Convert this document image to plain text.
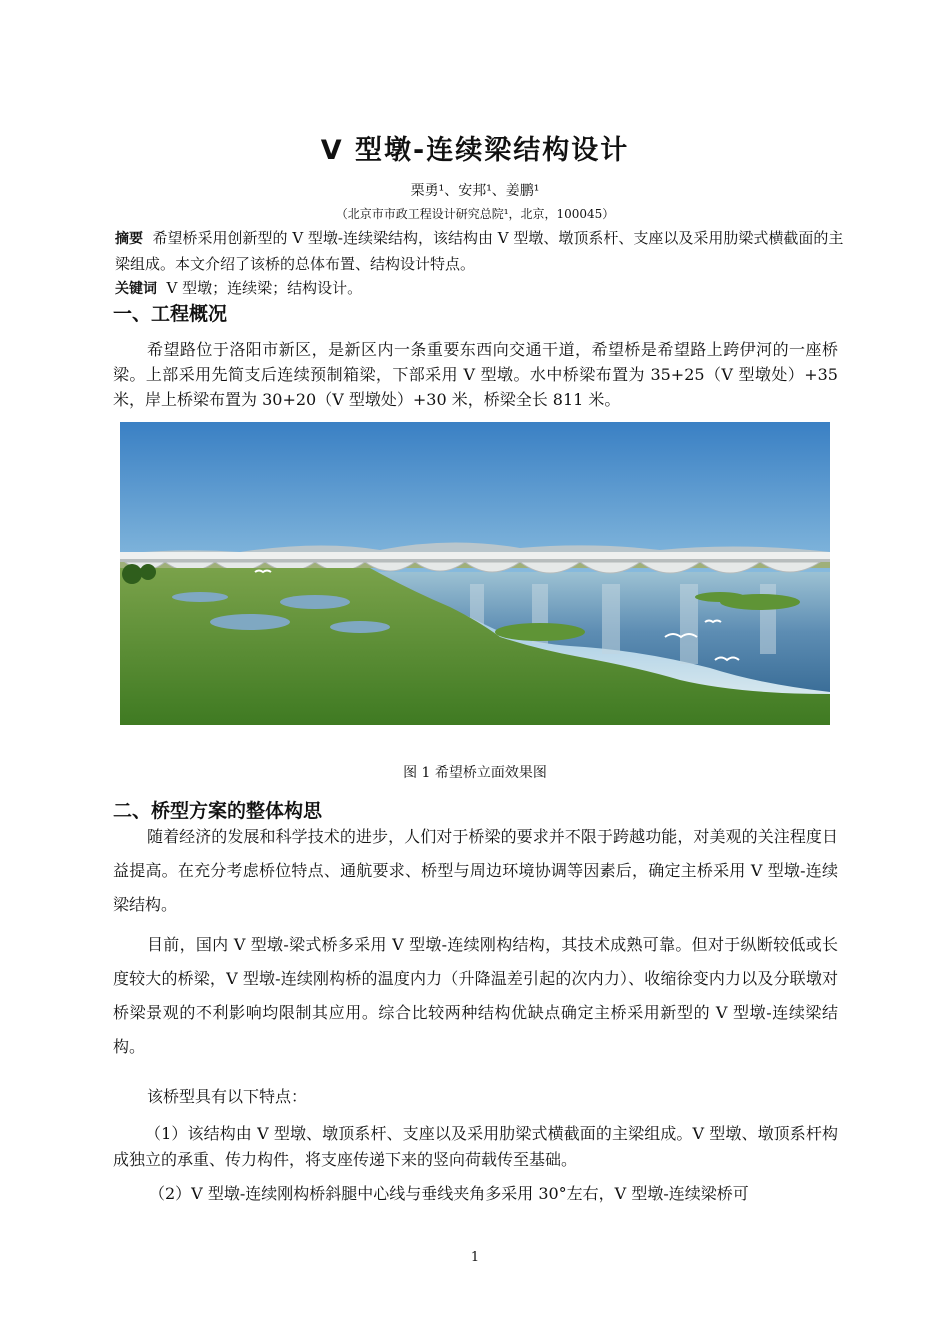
V 型墩-连续梁结构设计
栗勇¹、安邦¹、姜鹏¹
（北京市市政工程设计研究总院¹，北京，100045）
摘要 希望桥采用创新型的 V 型墩-连续梁结构，该结构由 V 型墩、墩顶系杆、支座以及采用肋梁式横截面的主梁组成。本文介绍了该桥的总体布置、结构设计特点。
关键词 V 型墩；连续梁；结构设计。
一、工程概况

希望路位于洛阳市新区，是新区内一条重要东西向交通干道，希望桥是希望路上跨伊河的一座桥梁。上部采用先简支后连续预制箱梁，下部采用 V 型墩。水中桥梁布置为 35+25（V 型墩处）+35 米，岸上桥梁布置为 30+20（V 型墩处）+30 米，桥梁全长 811 米。

图 1 希望桥立面效果图
二、桥型方案的整体构思

随着经济的发展和科学技术的进步，人们对于桥梁的要求并不限于跨越功能，对美观的关注程度日益提高。在充分考虑桥位特点、通航要求、桥型与周边环境协调等因素后，确定主桥采用 V 型墩-连续梁结构。

目前，国内 V 型墩-梁式桥多采用 V 型墩-连续刚构结构，其技术成熟可靠。但对于纵断较低或长度较大的桥梁，V 型墩-连续刚构桥的温度内力（升降温差引起的次内力）、收缩徐变内力以及分联墩对桥梁景观的不利影响均限制其应用。综合比较两种结构优缺点确定主桥采用新型的 V 型墩-连续梁结构。

该桥型具有以下特点：

（1）该结构由 V 型墩、墩顶系杆、支座以及采用肋梁式横截面的主梁组成。V 型墩、墩顶系杆构成独立的承重、传力构件，将支座传递下来的竖向荷载传至基础。

（2）V 型墩-连续刚构桥斜腿中心线与垂线夹角多采用 30°左右，V 型墩-连续梁桥可

1
